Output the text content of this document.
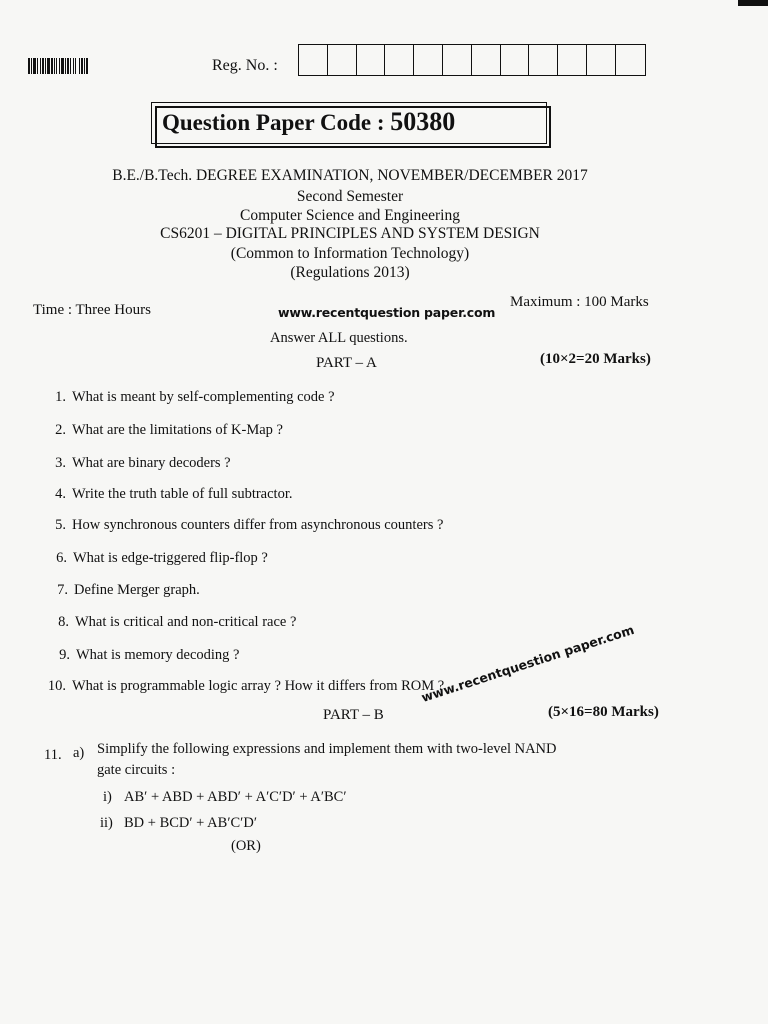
Reg. No. :
Question Paper Code : 50380
B.E./B.Tech. DEGREE EXAMINATION, NOVEMBER/DECEMBER 2017
Second Semester
Computer Science and Engineering
CS6201 – DIGITAL PRINCIPLES AND SYSTEM DESIGN
(Common to Information Technology)
(Regulations 2013)
Time : Three Hours	www.recentquestion paper.com
Maximum : 100 Marks
Answer ALL questions.
PART – A	(10×2=20 Marks)
1. What is meant by self-complementing code ?
2. What are the limitations of K-Map ?
3. What are binary decoders ?
4. Write the truth table of full subtractor.
5. How synchronous counters differ from asynchronous counters ?
6. What is edge-triggered flip-flop ?
7. Define Merger graph.
8. What is critical and non-critical race ?
9. What is memory decoding ?
10. What is programmable logic array ? How it differs from ROM ?
PART – B
www.recentquestion paper.com
(5×16=80 Marks)
11. a) Simplify the following expressions and implement them with two-level NAND
gate circuits :
i) AB′ + ABD + ABD′ + A′C′D′ + A′BC′
ii) BD + BCD′ + AB′C′D′
(OR)
